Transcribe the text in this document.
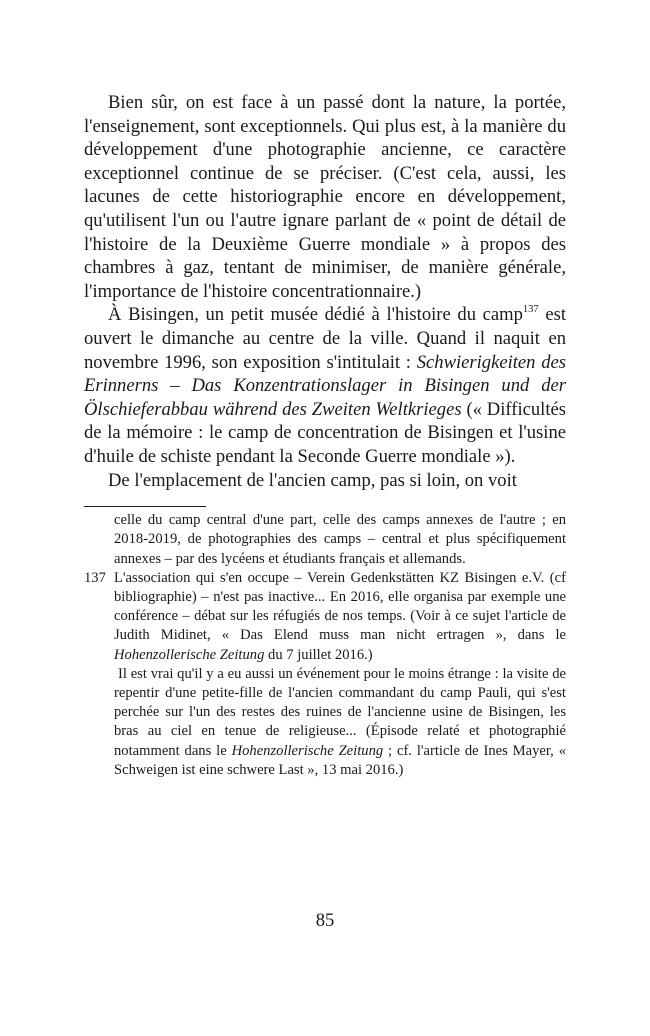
Bien sûr, on est face à un passé dont la nature, la portée, l'enseignement, sont exceptionnels. Qui plus est, à la manière du développement d'une photographie ancienne, ce caractère exceptionnel continue de se préciser. (C'est cela, aussi, les lacunes de cette historiographie encore en développement, qu'utilisent l'un ou l'autre ignare parlant de « point de détail de l'histoire de la Deuxième Guerre mondiale » à propos des chambres à gaz, tentant de minimiser, de manière générale, l'importance de l'histoire concentrationnaire.)

À Bisingen, un petit musée dédié à l'histoire du camp$^{137}$ est ouvert le dimanche au centre de la ville. Quand il naquit en novembre 1996, son exposition s'intitulait : Schwierigkeiten des Erinnerns – Das Konzentrationslager in Bisingen und der Ölschieferabbau während des Zweiten Weltkrieges (« Difficultés de la mémoire : le camp de concentration de Bisingen et l'usine d'huile de schiste pendant la Seconde Guerre mondiale »).

De l'emplacement de l'ancien camp, pas si loin, on voit

celle du camp central d'une part, celle des camps annexes de l'autre ; en 2018-2019, de photographies des camps – central et plus spécifiquement annexes – par des lycéens et étudiants français et allemands.

137 L'association qui s'en occupe – Verein Gedenkstätten KZ Bisingen e.V. (cf bibliographie) – n'est pas inactive... En 2016, elle organisa par exemple une conférence – débat sur les réfugiés de nos temps. (Voir à ce sujet l'article de Judith Midinet, « Das Elend muss man nicht ertragen », dans le Hohenzollerische Zeitung du 7 juillet 2016.)

Il est vrai qu'il y a eu aussi un événement pour le moins étrange : la visite de repentir d'une petite-fille de l'ancien commandant du camp Pauli, qui s'est perchée sur l'un des restes des ruines de l'ancienne usine de Bisingen, les bras au ciel en tenue de religieuse... (Épisode relaté et photographié notamment dans le Hohenzollerische Zeitung ; cf. l'article de Ines Mayer, « Schweigen ist eine schwere Last », 13 mai 2016.)

85
